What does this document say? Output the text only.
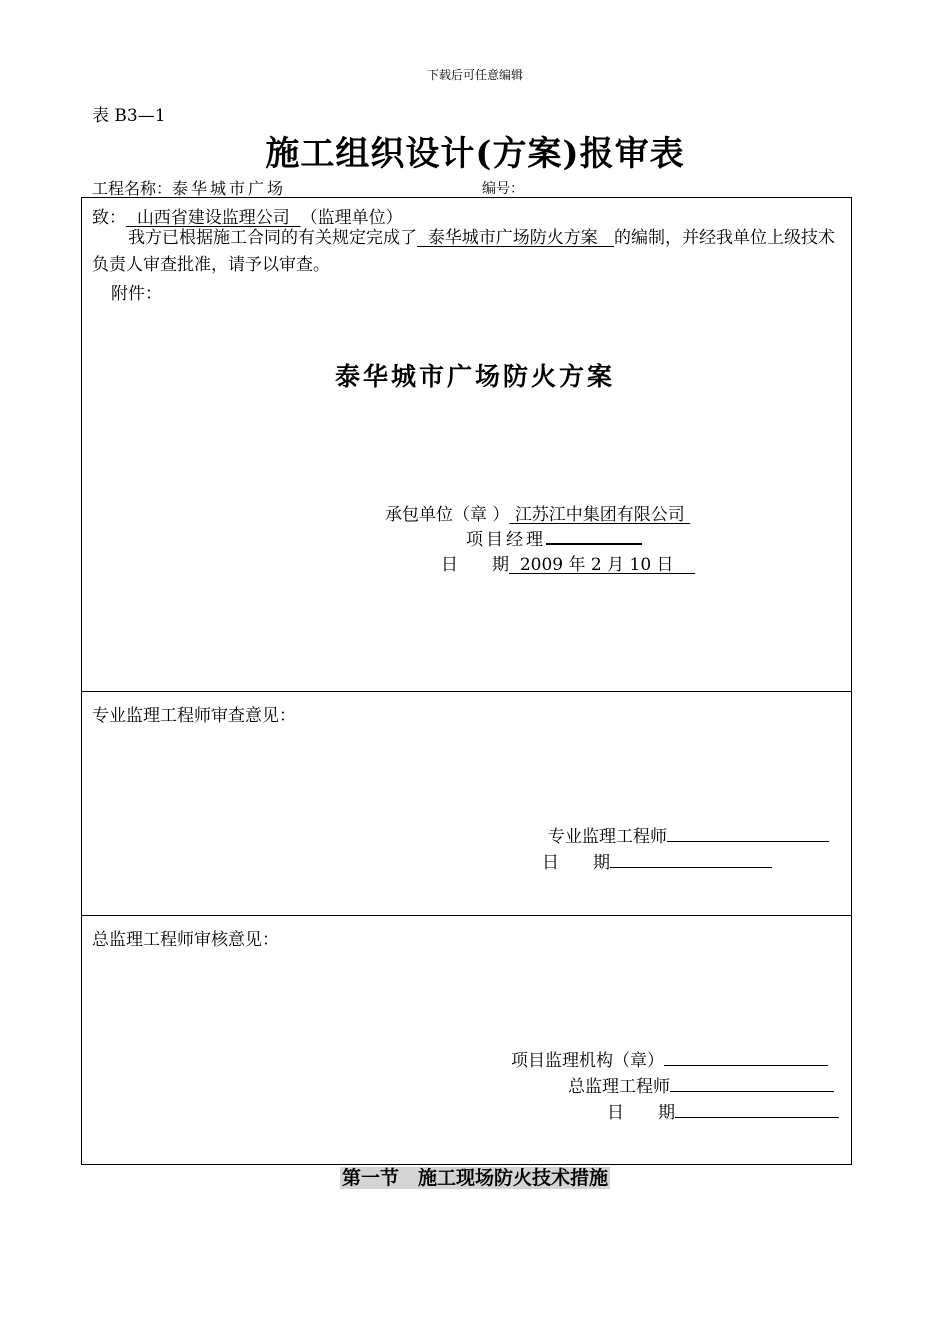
下载后可任意编辑
表 B3—1
施工组织设计(方案)报审表
工程名称：泰华城市广场	编号：
致： 山西省建设监理公司 （监理单位）
我方已根据施工合同的有关规定完成了 泰华城市广场防火方案 的编制，并经我单位上级技术负责人审查批准，请予以审查。
附件：
泰华城市广场防火方案
承包单位（章 ） 江苏江中集团有限公司
项目经理
日　　期 2009 年 2 月 10 日
专业监理工程师审查意见：
专业监理工程师
日　　期
总监理工程师审核意见：
项目监理机构（章）
总监理工程师
日　　期
第一节　施工现场防火技术措施
